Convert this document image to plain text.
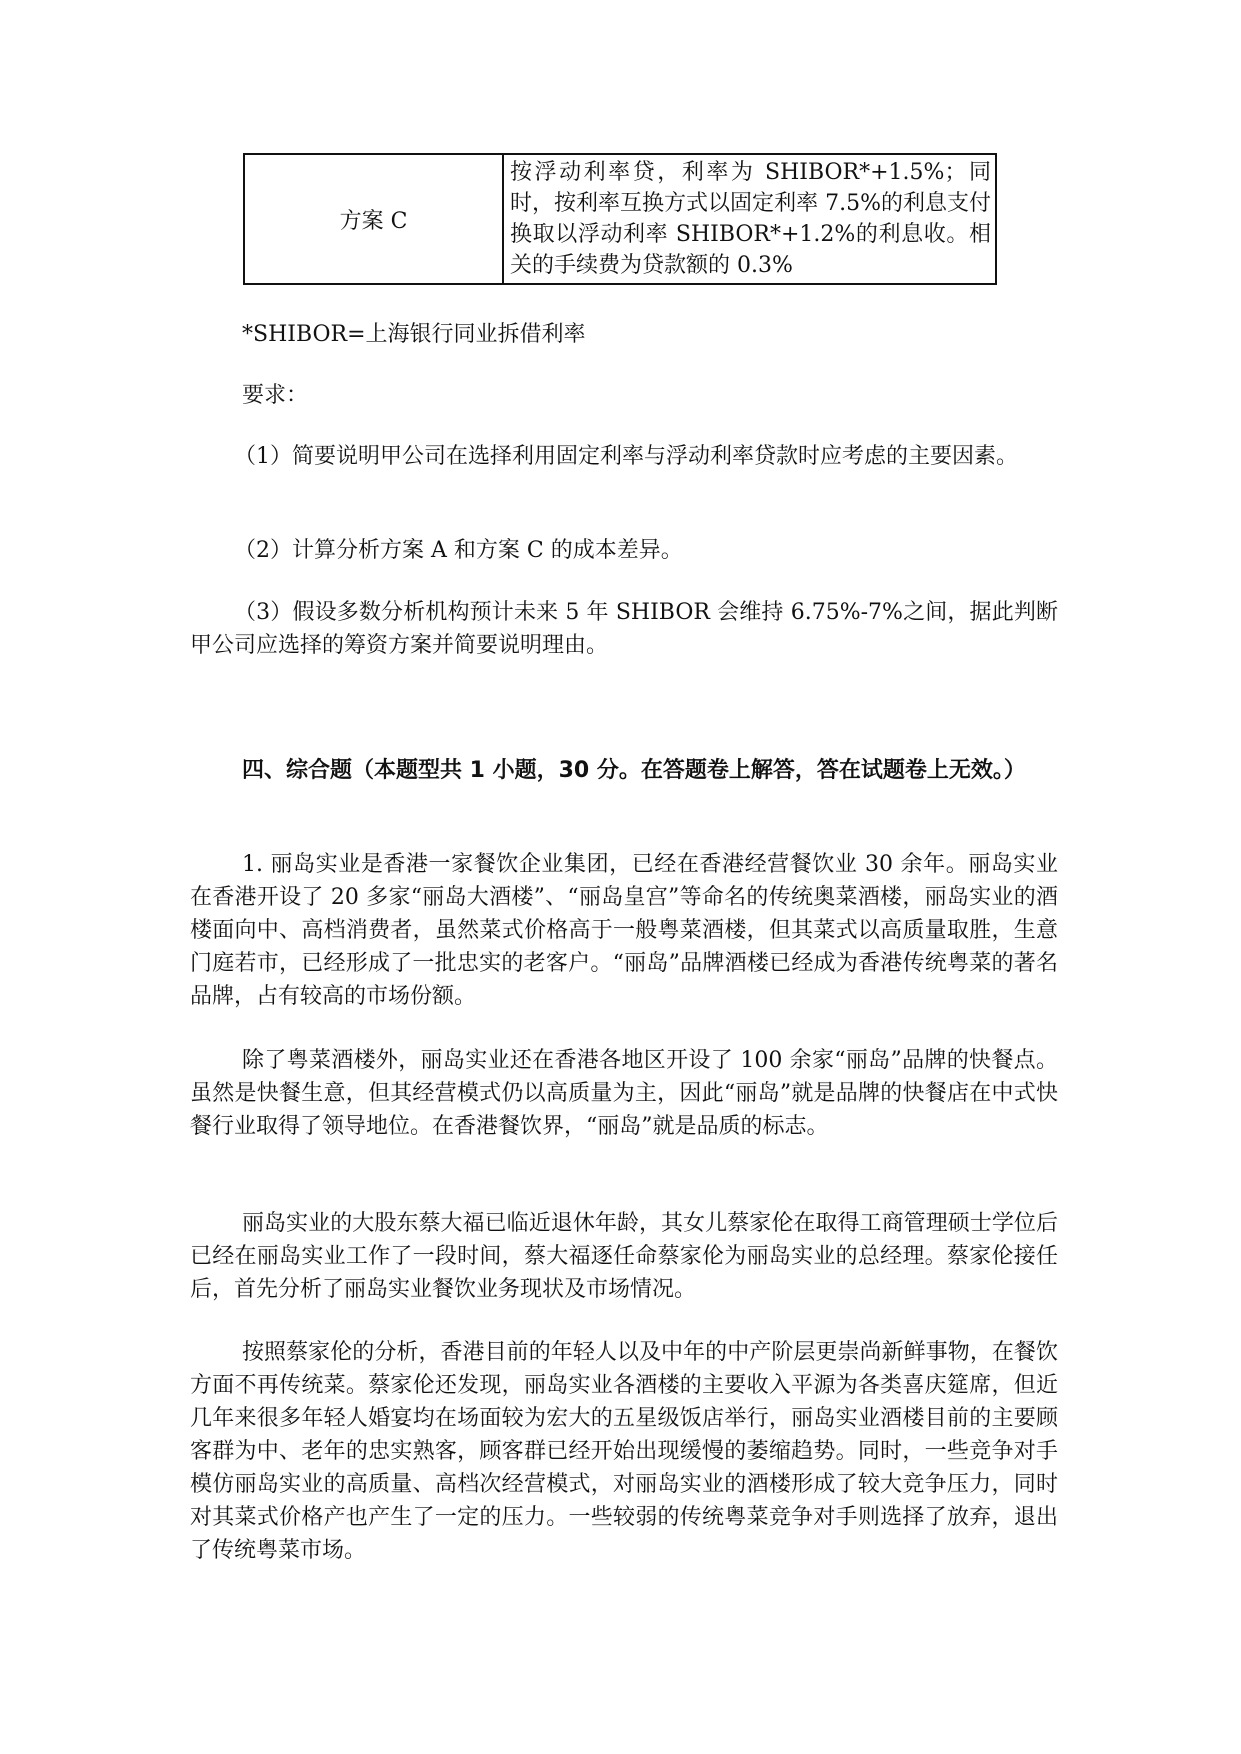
方案 C	按浮动利率贷，利率为 SHIBOR*+1.5%；同时，按利率互换方式以固定利率 7.5%的利息支付换取以浮动利率 SHIBOR*+1.2%的利息收。相关的手续费为贷款额的 0.3%

*SHIBOR=上海银行同业拆借利率

要求：

（1）简要说明甲公司在选择利用固定利率与浮动利率贷款时应考虑的主要因素。

（2）计算分析方案 A 和方案 C 的成本差异。

（3）假设多数分析机构预计未来 5 年 SHIBOR 会维持 6.75%-7%之间，据此判断甲公司应选择的筹资方案并简要说明理由。

四、综合题（本题型共 1 小题，30 分。在答题卷上解答，答在试题卷上无效。）

1. 丽岛实业是香港一家餐饮企业集团，已经在香港经营餐饮业 30 余年。丽岛实业在香港开设了 20 多家“丽岛大酒楼”、“丽岛皇宫”等命名的传统奥菜酒楼，丽岛实业的酒楼面向中、高档消费者，虽然菜式价格高于一般粤菜酒楼，但其菜式以高质量取胜，生意门庭若市，已经形成了一批忠实的老客户。“丽岛”品牌酒楼已经成为香港传统粤菜的著名品牌，占有较高的市场份额。

除了粤菜酒楼外，丽岛实业还在香港各地区开设了 100 余家“丽岛”品牌的快餐点。虽然是快餐生意，但其经营模式仍以高质量为主，因此“丽岛”就是品牌的快餐店在中式快餐行业取得了领导地位。在香港餐饮界，“丽岛”就是品质的标志。

丽岛实业的大股东蔡大福已临近退休年龄，其女儿蔡家伦在取得工商管理硕士学位后已经在丽岛实业工作了一段时间，蔡大福逐任命蔡家伦为丽岛实业的总经理。蔡家伦接任后，首先分析了丽岛实业餐饮业务现状及市场情况。

按照蔡家伦的分析，香港目前的年轻人以及中年的中产阶层更崇尚新鲜事物，在餐饮方面不再传统菜。蔡家伦还发现，丽岛实业各酒楼的主要收入平源为各类喜庆筵席，但近几年来很多年轻人婚宴均在场面较为宏大的五星级饭店举行，丽岛实业酒楼目前的主要顾客群为中、老年的忠实熟客，顾客群已经开始出现缓慢的萎缩趋势。同时，一些竞争对手模仿丽岛实业的高质量、高档次经营模式，对丽岛实业的酒楼形成了较大竞争压力，同时对其菜式价格产也产生了一定的压力。一些较弱的传统粤菜竞争对手则选择了放弃，退出了传统粤菜市场。
